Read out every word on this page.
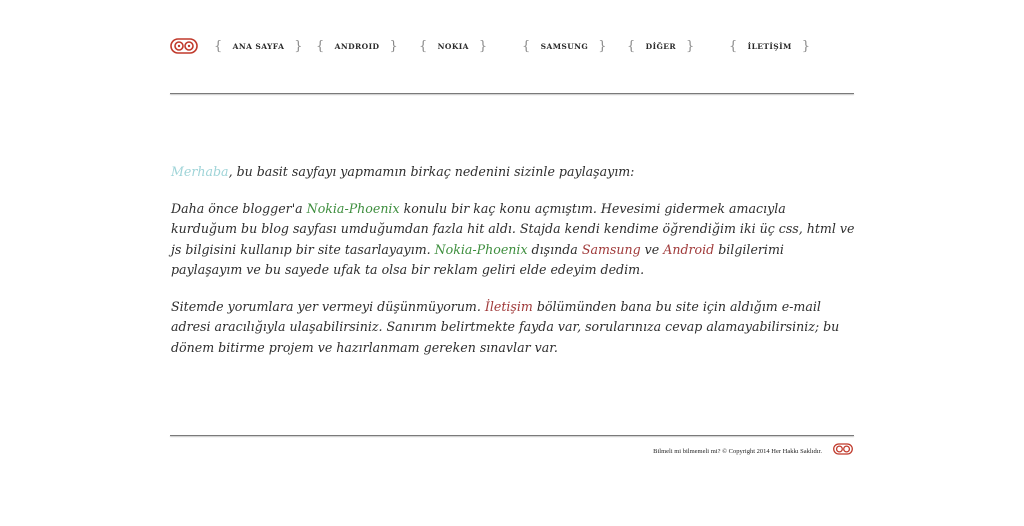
{ ANA SAYFA } { ANDROID } { NOKIA }	{ SAMSUNG } { DİĞER }	{ İLETİŞİM }

Merhaba, bu basit sayfayı yapmamın birkaç nedenini sizinle paylaşayım:

Daha önce blogger'a Nokia-Phoenix konulu bir kaç konu açmıştım. Hevesimi gidermek amacıyla kurduğum bu blog sayfası umduğumdan fazla hit aldı. Stajda kendi kendime öğrendiğim iki üç css, html ve js bilgisini kullanıp bir site tasarlayayım. Nokia-Phoenix dışında Samsung ve Android bilgilerimi paylaşayım ve bu sayede ufak ta olsa bir reklam geliri elde edeyim dedim.

Sitemde yorumlara yer vermeyi düşünmüyorum. İletişim bölümünden bana bu site için aldığım e-mail adresi aracılığıyla ulaşabilirsiniz. Sanırım belirtmekte fayda var, sorularınıza cevap alamayabilirsiniz; bu dönem bitirme projem ve hazırlanmam gereken sınavlar var.

Bilmeli mi bilmemeli mi? © Copyright 2014 Her Hakkı Saklıdır.
